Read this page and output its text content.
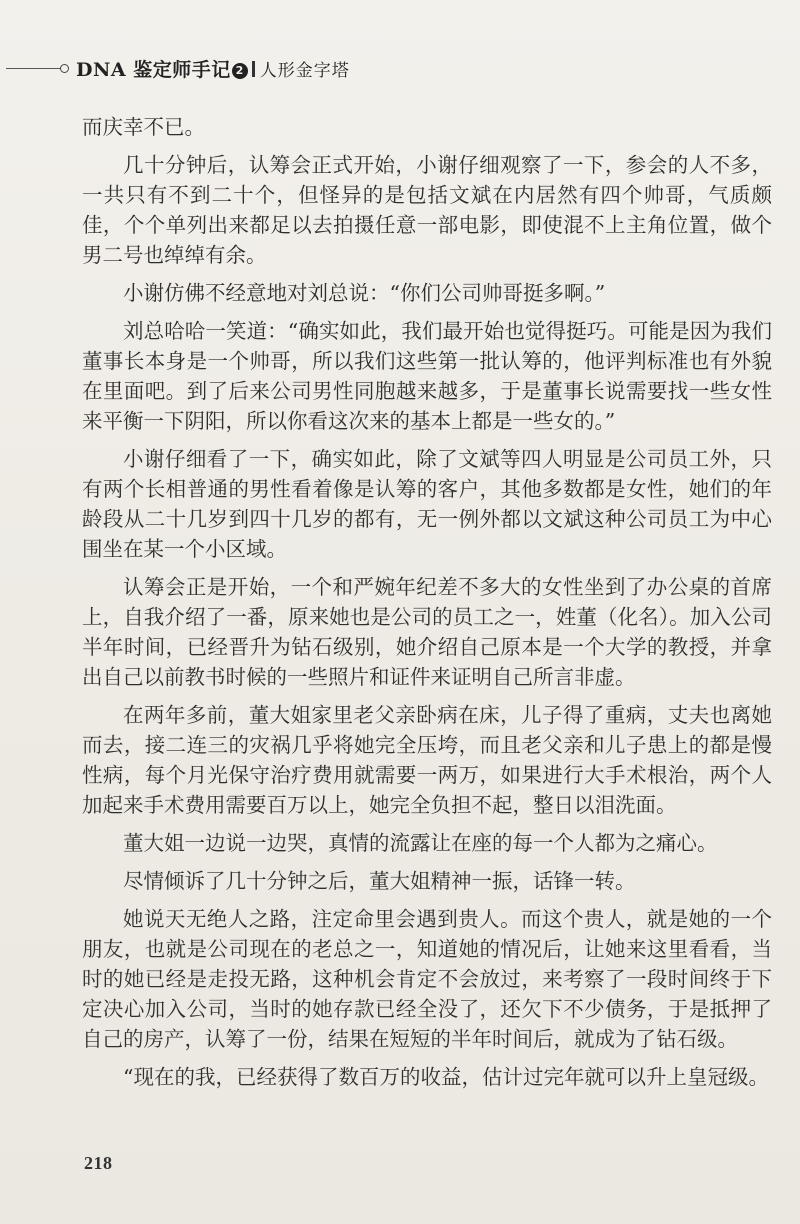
DNA 鉴定师手记 2 人形金字塔

而庆幸不已。

几十分钟后，认筹会正式开始，小谢仔细观察了一下，参会的人不多，一共只有不到二十个，但怪异的是包括文斌在内居然有四个帅哥，气质颇佳，个个单列出来都足以去拍摄任意一部电影，即使混不上主角位置，做个男二号也绰绰有余。

小谢仿佛不经意地对刘总说：“你们公司帅哥挺多啊。”

刘总哈哈一笑道：“确实如此，我们最开始也觉得挺巧。可能是因为我们董事长本身是一个帅哥，所以我们这些第一批认筹的，他评判标准也有外貌在里面吧。到了后来公司男性同胞越来越多，于是董事长说需要找一些女性来平衡一下阴阳，所以你看这次来的基本上都是一些女的。”

小谢仔细看了一下，确实如此，除了文斌等四人明显是公司员工外，只有两个长相普通的男性看着像是认筹的客户，其他多数都是女性，她们的年龄段从二十几岁到四十几岁的都有，无一例外都以文斌这种公司员工为中心围坐在某一个小区域。

认筹会正是开始，一个和严婉年纪差不多大的女性坐到了办公桌的首席上，自我介绍了一番，原来她也是公司的员工之一，姓董（化名）。加入公司半年时间，已经晋升为钻石级别，她介绍自己原本是一个大学的教授，并拿出自己以前教书时候的一些照片和证件来证明自己所言非虚。

在两年多前，董大姐家里老父亲卧病在床，儿子得了重病，丈夫也离她而去，接二连三的灾祸几乎将她完全压垮，而且老父亲和儿子患上的都是慢性病，每个月光保守治疗费用就需要一两万，如果进行大手术根治，两个人加起来手术费用需要百万以上，她完全负担不起，整日以泪洗面。

董大姐一边说一边哭，真情的流露让在座的每一个人都为之痛心。

尽情倾诉了几十分钟之后，董大姐精神一振，话锋一转。

她说天无绝人之路，注定命里会遇到贵人。而这个贵人，就是她的一个朋友，也就是公司现在的老总之一，知道她的情况后，让她来这里看看，当时的她已经是走投无路，这种机会肯定不会放过，来考察了一段时间终于下定决心加入公司，当时的她存款已经全没了，还欠下不少债务，于是抵押了自己的房产，认筹了一份，结果在短短的半年时间后，就成为了钻石级。

“现在的我，已经获得了数百万的收益，估计过完年就可以升上皇冠级。

218
